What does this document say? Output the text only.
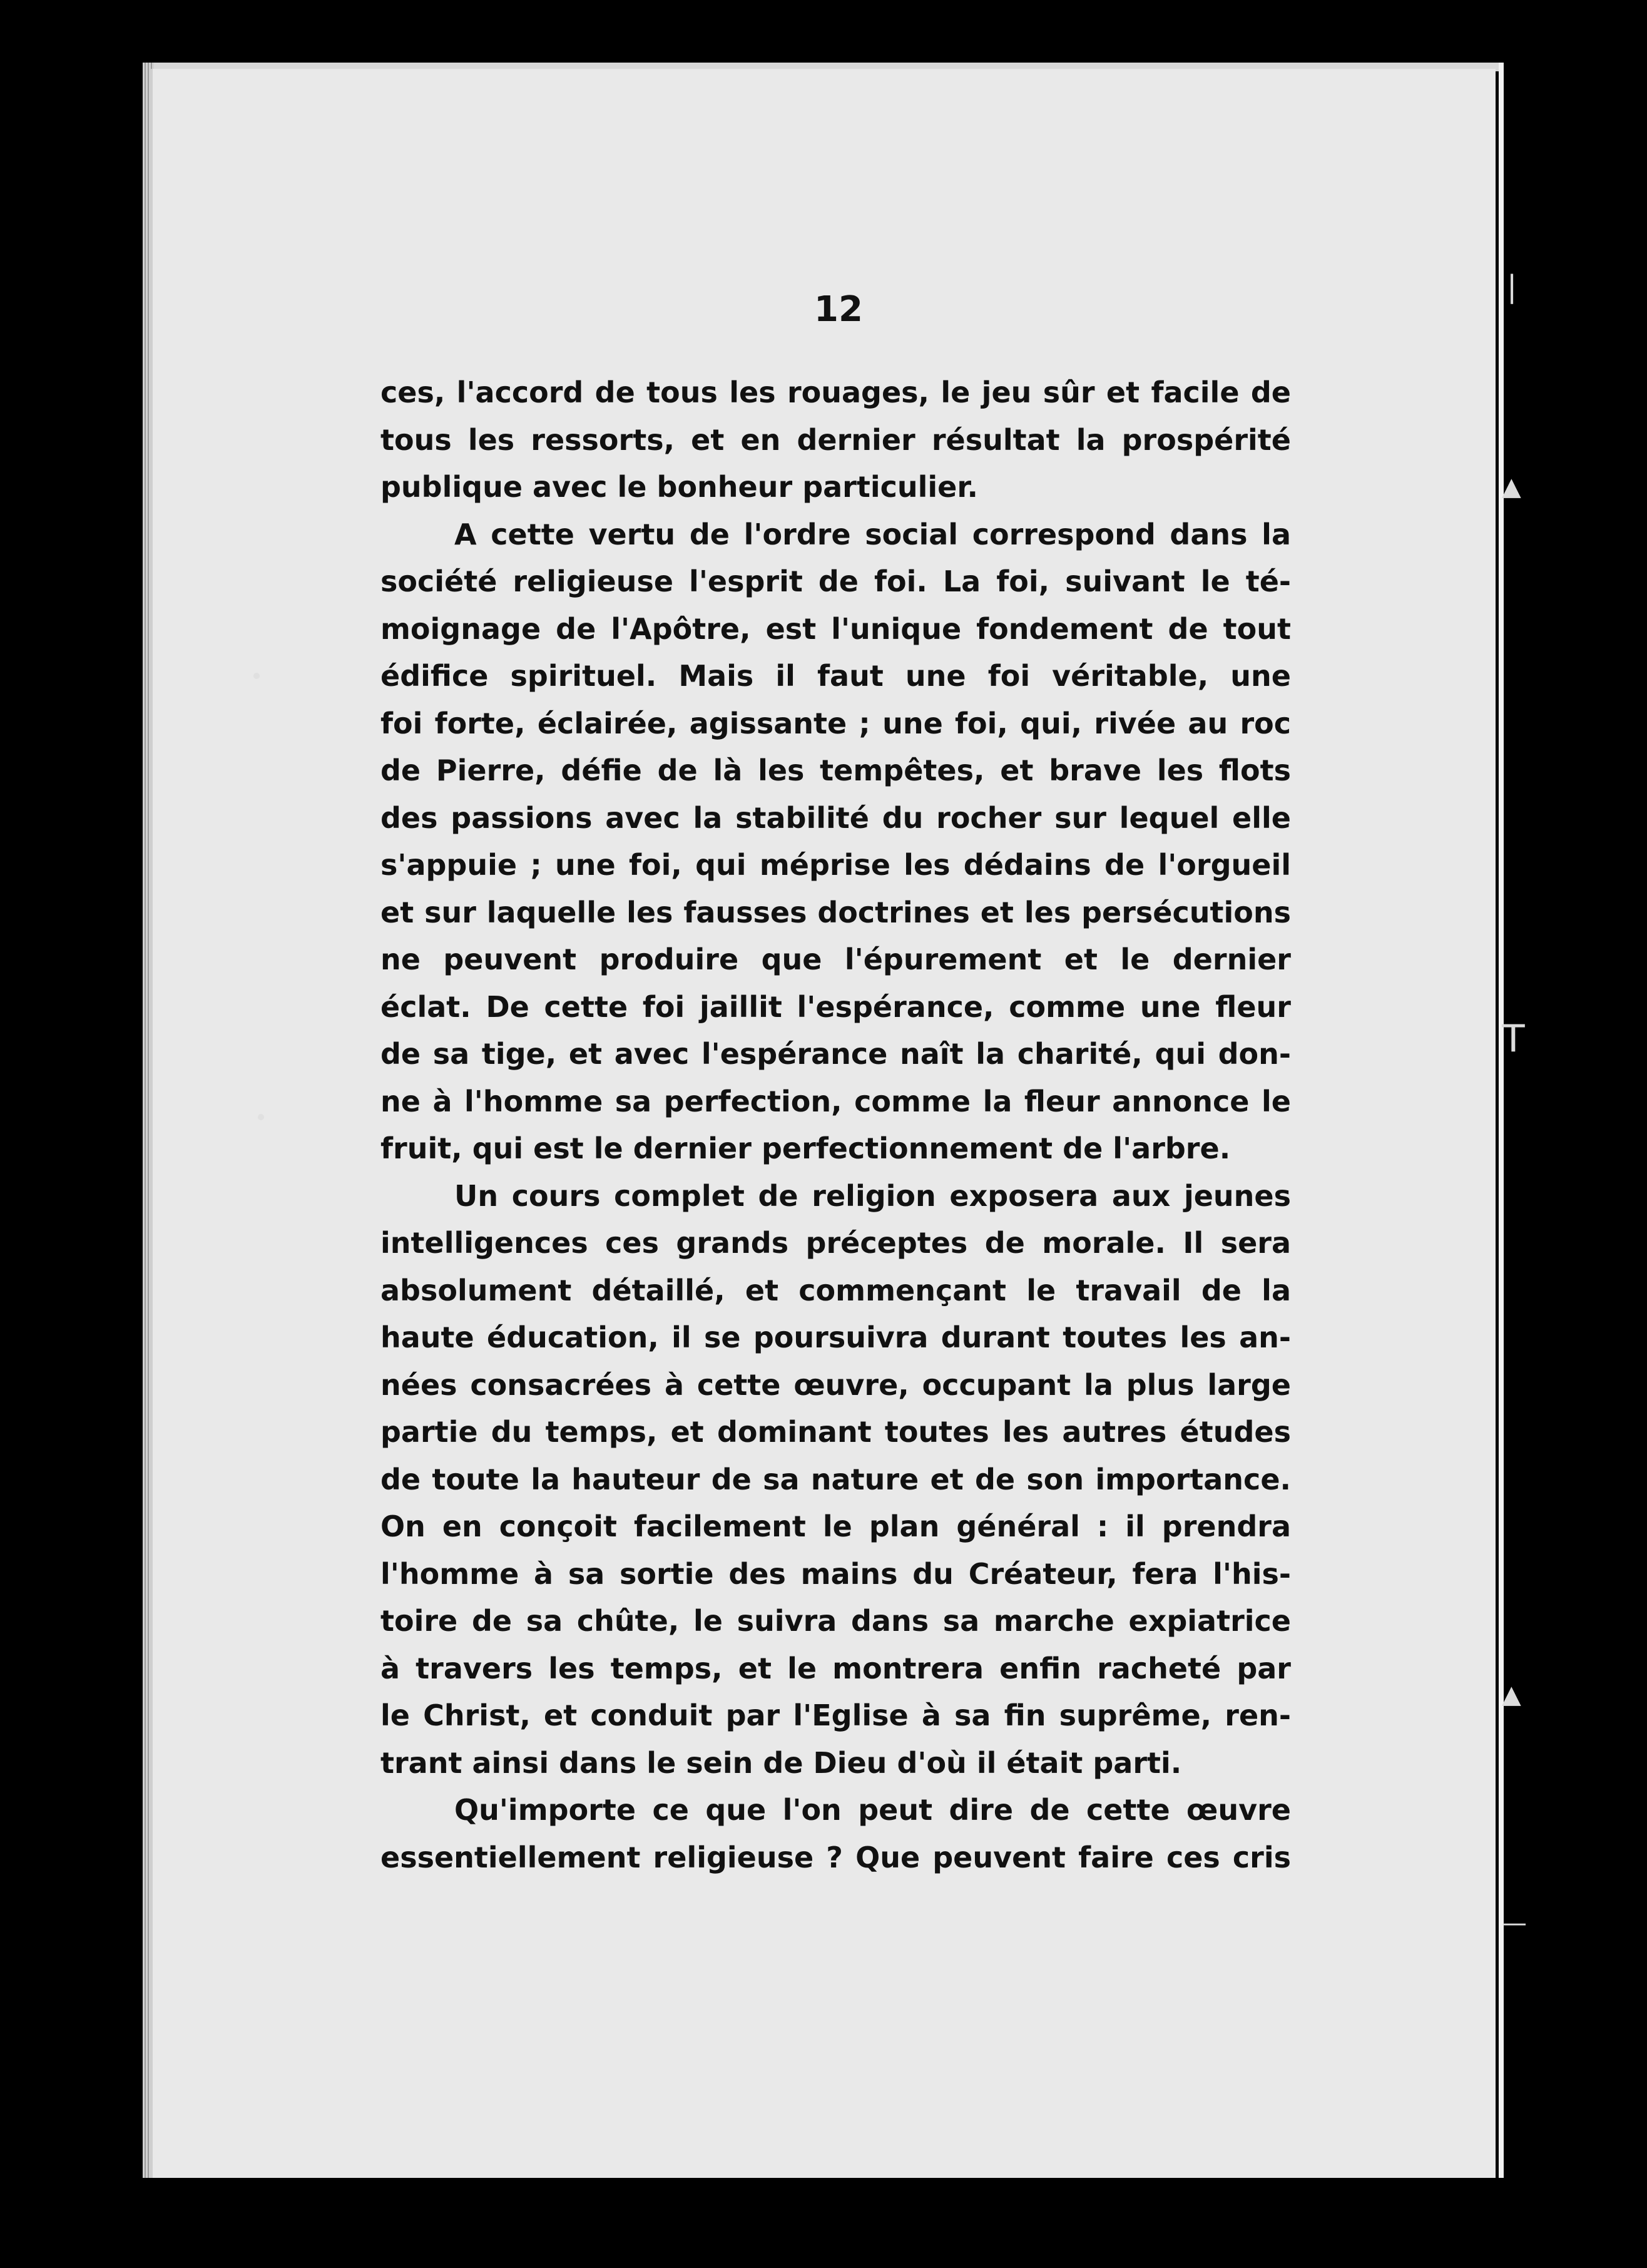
|
▲
T
▲
—
12
ces, l'accord de tous les rouages, le jeu sûr et facile de
tous les ressorts, et en dernier résultat la prospérité
publique avec le bonheur particulier.
A cette vertu de l'ordre social correspond dans la
société religieuse l'esprit de foi. La foi, suivant le té-
moignage de l'Apôtre, est l'unique fondement de tout
édifice spirituel. Mais il faut une foi véritable, une
foi forte, éclairée, agissante ; une foi, qui, rivée au roc
de Pierre, défie de là les tempêtes, et brave les flots
des passions avec la stabilité du rocher sur lequel elle
s'appuie ; une foi, qui méprise les dédains de l'orgueil
et sur laquelle les fausses doctrines et les persécutions
ne peuvent produire que l'épurement et le dernier
éclat. De cette foi jaillit l'espérance, comme une fleur
de sa tige, et avec l'espérance naît la charité, qui don-
ne à l'homme sa perfection, comme la fleur annonce le
fruit, qui est le dernier perfectionnement de l'arbre.
Un cours complet de religion exposera aux jeunes
intelligences ces grands préceptes de morale. Il sera
absolument détaillé, et commençant le travail de la
haute éducation, il se poursuivra durant toutes les an-
nées consacrées à cette œuvre, occupant la plus large
partie du temps, et dominant toutes les autres études
de toute la hauteur de sa nature et de son importance.
On en conçoit facilement le plan général : il prendra
l'homme à sa sortie des mains du Créateur, fera l'his-
toire de sa chûte, le suivra dans sa marche expiatrice
à travers les temps, et le montrera enfin racheté par
le Christ, et conduit par l'Eglise à sa fin suprême, ren-
trant ainsi dans le sein de Dieu d'où il était parti.
Qu'importe ce que l'on peut dire de cette œuvre
essentiellement religieuse ? Que peuvent faire ces cris
